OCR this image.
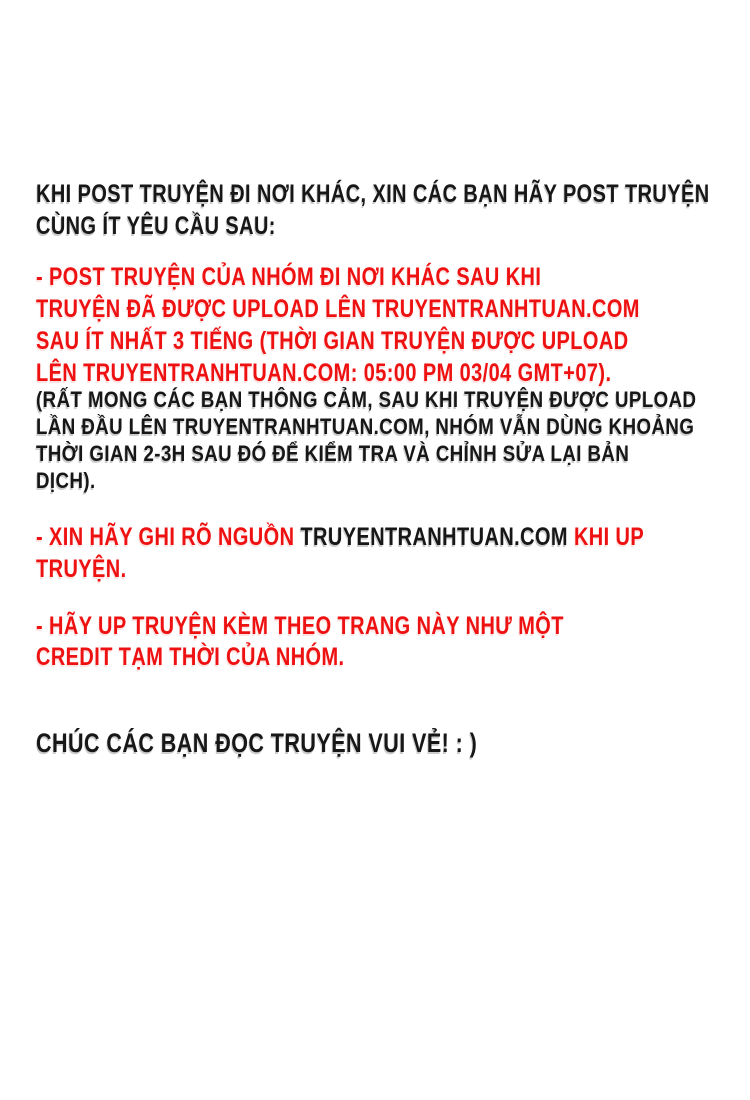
KHI POST TRUYỆN ĐI NƠI KHÁC, XIN CÁC BẠN HÃY POST TRUYỆN
CÙNG ÍT YÊU CẦU SAU:
- POST TRUYỆN CỦA NHÓM ĐI NƠI KHÁC SAU KHI
TRUYỆN ĐÃ ĐƯỢC UPLOAD LÊN TRUYENTRANHTUAN.COM
SAU ÍT NHẤT 3 TIẾNG (THỜI GIAN TRUYỆN ĐƯỢC UPLOAD
LÊN TRUYENTRANHTUAN.COM: 05:00 PM 03/04 GMT+07).
(RẤT MONG CÁC BẠN THÔNG CẢM, SAU KHI TRUYỆN ĐƯỢC UPLOAD
LẦN ĐẦU LÊN TRUYENTRANHTUAN.COM, NHÓM VẪN DÙNG KHOẢNG
THỜI GIAN 2-3H SAU ĐÓ ĐỂ KIỂM TRA VÀ CHỈNH SỬA LẠI BẢN
DỊCH).
- XIN HÃY GHI RÕ NGUỒN TRUYENTRANHTUAN.COM KHI UP
TRUYỆN.
- HÃY UP TRUYỆN KÈM THEO TRANG NÀY NHƯ MỘT
CREDIT TẠM THỜI CỦA NHÓM.
CHÚC CÁC BẠN ĐỌC TRUYỆN VUI VẺ! : )
